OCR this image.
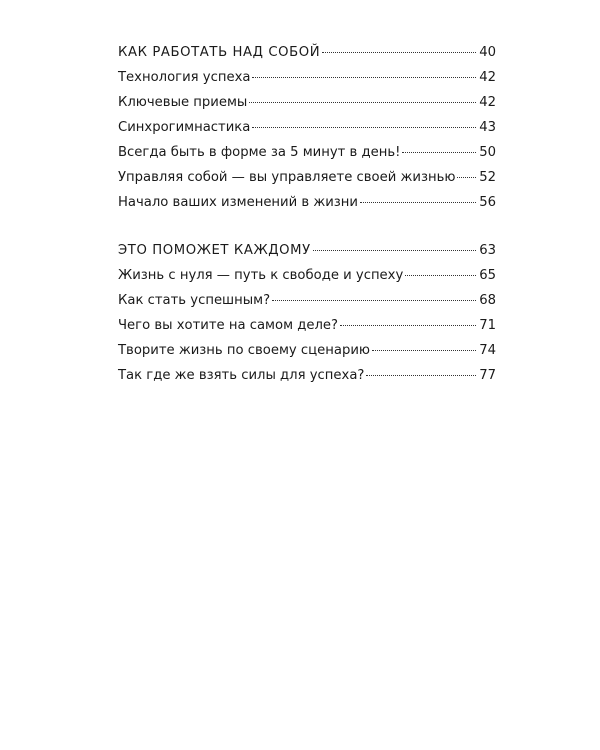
КАК РАБОТАТЬ НАД СОБОЙ	40
Технология успеха	42
Ключевые приемы	42
Синхрогимнастика	43
Всегда быть в форме за 5 минут в день!	50
Управляя собой — вы управляете своей жизнью 52
Начало ваших изменений в жизни	56
ЭТО ПОМОЖЕТ КАЖДОМУ	63
Жизнь с нуля — путь к свободе и успеху	65
Как стать успешным?	68
Чего вы хотите на самом деле?	71
Творите жизнь по своему сценарию	74
Так где же взять силы для успеха?	77
